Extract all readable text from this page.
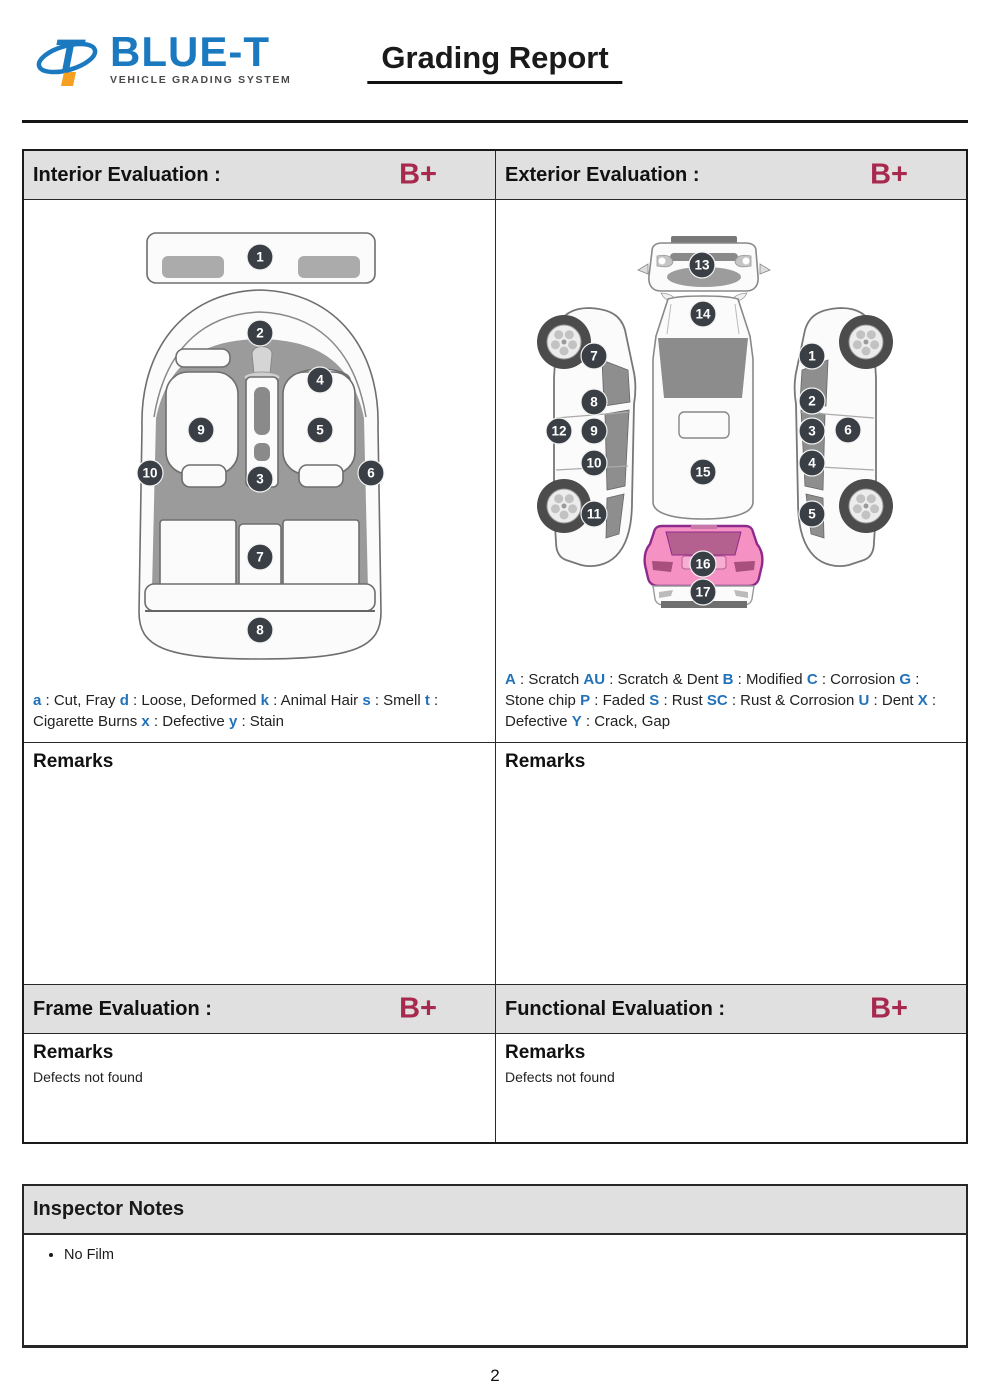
T BLUE-T
VEHICLE GRADING SYSTEM
Grading Report
Interior Evaluation :	B+	Exterior Evaluation :	B+
1
2
4
9	5
10	3	6
7
8
a : Cut, Fray d : Loose, Deformed k : Animal Hair s : Smell t : Cigarette Burns x : Defective y : Stain
13
14
7	1
8	2
12 9	3 6
10	4
15
11	5
16
17
A : Scratch AU : Scratch & Dent B : Modified C : Corrosion G : Stone chip P : Faded S : Rust SC : Rust & Corrosion U : Dent X : Defective Y : Crack, Gap
Remarks	Remarks
Frame Evaluation :	B+	Functional Evaluation :	B+
Remarks
Defects not found
Remarks
Defects not found
Inspector Notes
• No Film
2
